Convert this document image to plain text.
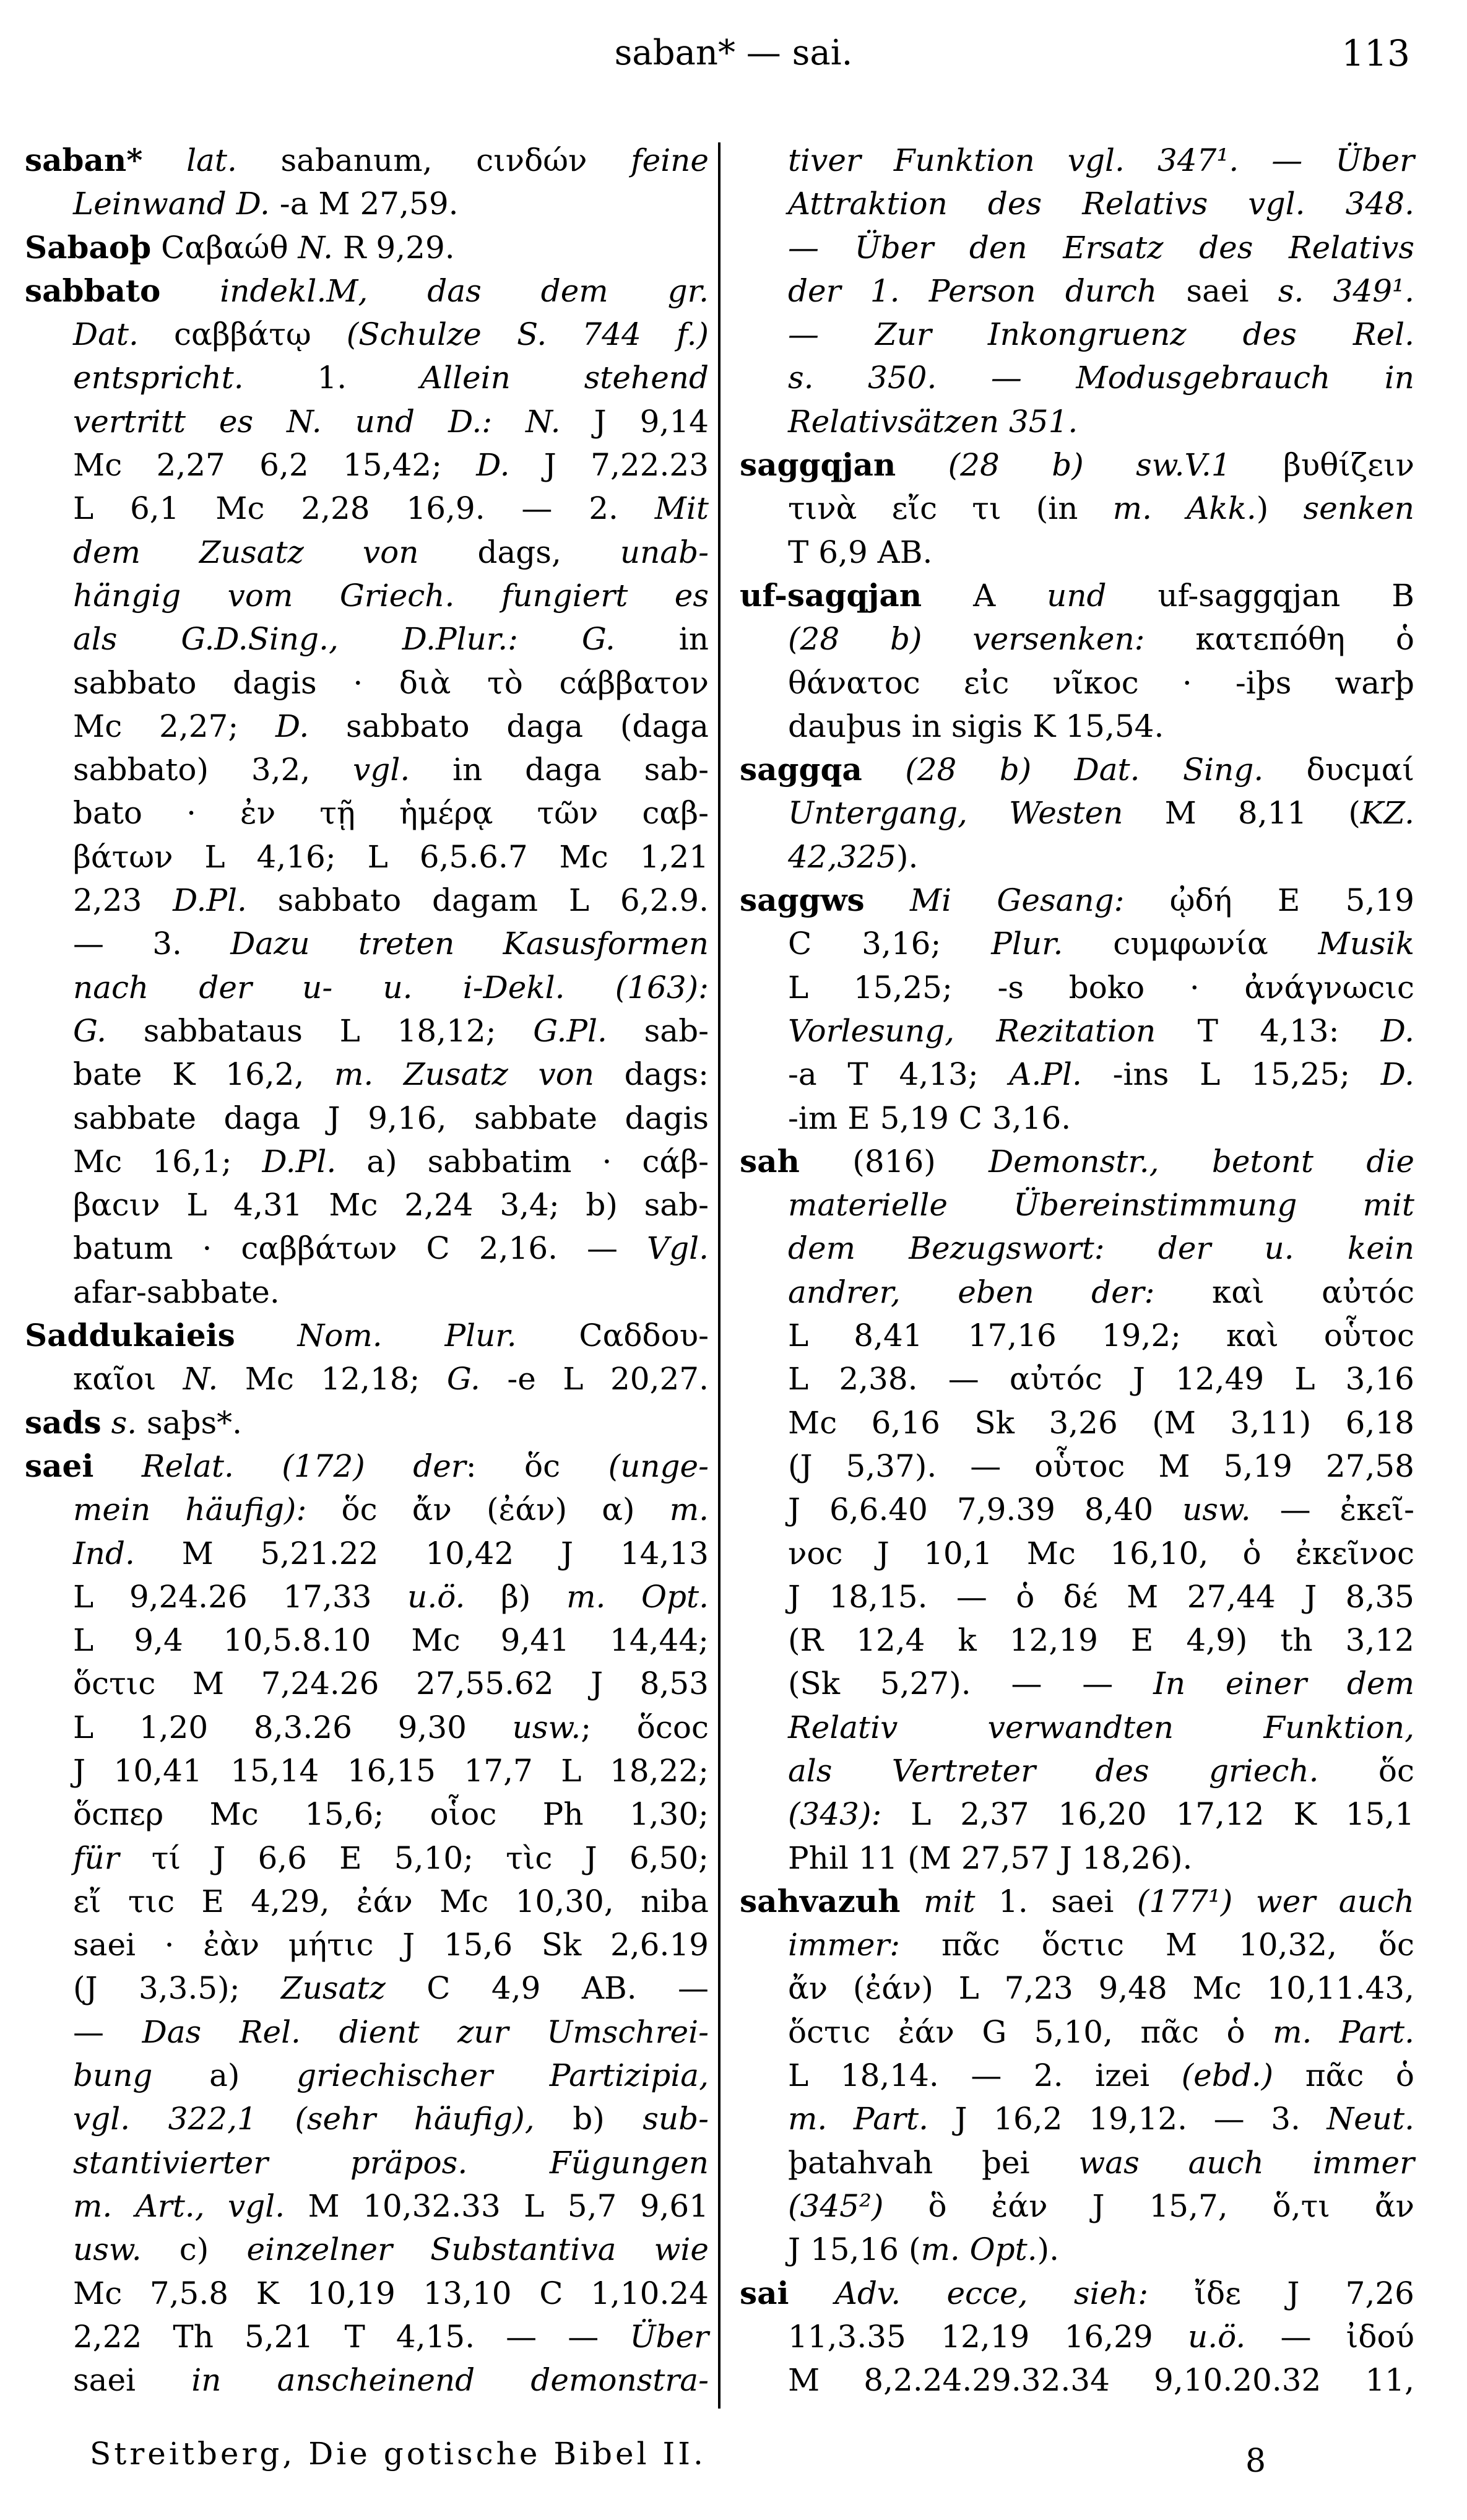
saban* — sai.	113
saban* lat. sabanum, cινδών feine
Leinwand D. -a M 27,59.
Sabaoþ Cαβαώθ N. R 9,29.
sabbato indekl.M, das dem gr.
Dat. cαββάτῳ (Schulze S. 744 f.)
entspricht. 1. Allein stehend
vertritt es N. und D.: N. J 9,14
Mc 2,27 6,2 15,42; D. J 7,22.23
L 6,1 Mc 2,28 16,9. — 2. Mit
dem Zusatz von dags, unab-
hängig vom Griech. fungiert es
als G.D.Sing., D.Plur.: G. in
sabbato dagis · διὰ τὸ cάββατον
Mc 2,27; D. sabbato daga (daga
sabbato) 3,2, vgl. in daga sab-
bato · ἐν τῇ ἡμέρᾳ τῶν cαβ-
βάτων L 4,16; L 6,5.6.7 Mc 1,21
2,23 D.Pl. sabbato dagam L 6,2.9.
— 3. Dazu treten Kasusformen
nach der u- u. i-Dekl. (163):
G. sabbataus L 18,12; G.Pl. sab-
bate K 16,2, m. Zusatz von dags:
sabbate daga J 9,16, sabbate dagis
Mc 16,1; D.Pl. a) sabbatim · cάβ-
βαcιν L 4,31 Mc 2,24 3,4; b) sab-
batum · cαββάτων C 2,16. — Vgl.
afar-sabbate.
Saddukaieis Nom. Plur. Cαδδου-
καῖοι N. Mc 12,18; G. -e L 20,27.
sads s. saþs*.
saei Relat. (172) der: ὅc (unge-
mein häufig): ὅc ἄν (ἐάν) α) m.
Ind. M 5,21.22 10,42 J 14,13
L 9,24.26 17,33 u.ö. β) m. Opt.
L 9,4 10,5.8.10 Mc 9,41 14,44;
ὅcτιc M 7,24.26 27,55.62 J 8,53
L 1,20 8,3.26 9,30 usw.; ὅcοc
J 10,41 15,14 16,15 17,7 L 18,22;
ὅcπερ Mc 15,6; οἷοc Ph 1,30;
für τί J 6,6 E 5,10; τὶc J 6,50;
εἴ τιc E 4,29, ἐάν Mc 10,30, niba
saei · ἐὰν μήτιc J 15,6 Sk 2,6.19
(J 3,3.5); Zusatz C 4,9 AB. —
— Das Rel. dient zur Umschrei-
bung a) griechischer Partizipia,
vgl. 322,1 (sehr häufig), b) sub-
stantivierter präpos. Fügungen
m. Art., vgl. M 10,32.33 L 5,7 9,61
usw. c) einzelner Substantiva wie
Mc 7,5.8 K 10,19 13,10 C 1,10.24
2,22 Th 5,21 T 4,15. — — Über
saei in anscheinend demonstra-
tiver Funktion vgl. 347¹. — Über
Attraktion des Relativs vgl. 348.
— Über den Ersatz des Relativs
der 1. Person durch saei s. 349¹.
— Zur Inkongruenz des Rel.
s. 350. — Modusgebrauch in
Relativsätzen 351.
saggqjan (28 b) sw.V.1 βυθίζειν
τινὰ εἴc τι (in m. Akk.) senken
T 6,9 AB.
uf-sagqjan A und uf-saggqjan B
(28 b) versenken: κατεπόθη ὁ
θάνατοc εἰc νῖκοc · -iþs warþ
dauþus in sigis K 15,54.
saggqa (28 b) Dat. Sing. δυcμαί
Untergang, Westen M 8,11 (KZ.
42,325).
saggws Mi Gesang: ᾠδή E 5,19
C 3,16; Plur. cυμφωνία Musik
L 15,25; -s boko · ἀνάγνωcιc
Vorlesung, Rezitation T 4,13: D.
-a T 4,13; A.Pl. -ins L 15,25; D.
-im E 5,19 C 3,16.
sah (816) Demonstr., betont die
materielle Übereinstimmung mit
dem Bezugswort: der u. kein
andrer, eben der: καὶ αὐτόc
L 8,41 17,16 19,2; καὶ οὗτοc
L 2,38. — αὐτόc J 12,49 L 3,16
Mc 6,16 Sk 3,26 (M 3,11) 6,18
(J 5,37). — οὗτοc M 5,19 27,58
J 6,6.40 7,9.39 8,40 usw. — ἐκεῖ-
νοc J 10,1 Mc 16,10, ὁ ἐκεῖνοc
J 18,15. — ὁ δέ M 27,44 J 8,35
(R 12,4 k 12,19 E 4,9) th 3,12
(Sk 5,27). — — In einer dem
Relativ verwandten Funktion,
als Vertreter des griech. ὅc
(343): L 2,37 16,20 17,12 K 15,1
Phil 11 (M 27,57 J 18,26).
sahvazuh mit 1. saei (177¹) wer auch
immer: πᾶc ὅcτιc M 10,32, ὅc
ἄν (ἐάν) L 7,23 9,48 Mc 10,11.43,
ὅcτιc ἐάν G 5,10, πᾶc ὁ m. Part.
L 18,14. — 2. izei (ebd.) πᾶc ὁ
m. Part. J 16,2 19,12. — 3. Neut.
þatahvah þei was auch immer
(345²) ὃ ἐάν J 15,7, ὅ,τι ἄν
J 15,16 (m. Opt.).
sai Adv. ecce, sieh: ἴδε J 7,26
11,3.35 12,19 16,29 u.ö. — ἰδού
M 8,2.24.29.32.34 9,10.20.32 11,
Streitberg, Die gotische Bibel II.	8
